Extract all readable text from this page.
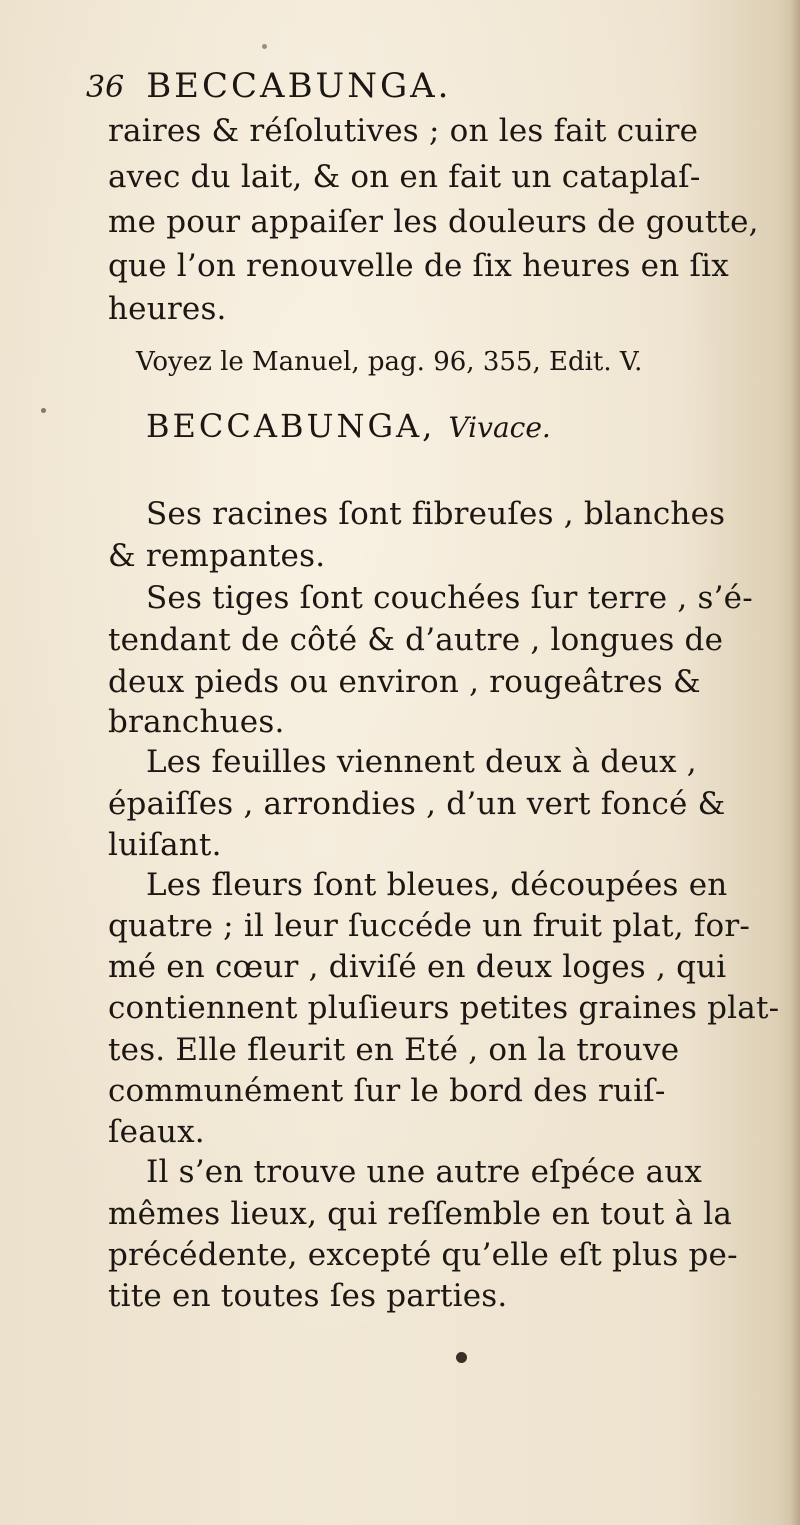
36 BECCABUNGA.
raires & réſolutives ; on les fait cuire
avec du lait, & on en fait un cataplaſ-
me pour appaiſer les douleurs de goutte,
que l’on renouvelle de ſix heures en ſix
heures.
Voyez le Manuel, pag. 96, 355, Edit. V.
BECCABUNGA, Vivace.
Ses racines ſont fibreuſes , blanches
& rempantes.
Ses tiges ſont couchées ſur terre , s’é-
tendant de côté & d’autre , longues de
deux pieds ou environ , rougeâtres &
branchues.
Les feuilles viennent deux à deux ,
épaiſſes , arrondies , d’un vert foncé &
luiſant.
Les fleurs ſont bleues, découpées en
quatre ; il leur ſuccéde un fruit plat, for-
mé en cœur , diviſé en deux loges , qui
contiennent pluſieurs petites graines plat-
tes. Elle fleurit en Eté , on la trouve
communément ſur le bord des ruiſ-
ſeaux.
Il s’en trouve une autre eſpéce aux
mêmes lieux, qui reſſemble en tout à la
précédente, excepté qu’elle eſt plus pe-
tite en toutes ſes parties.
